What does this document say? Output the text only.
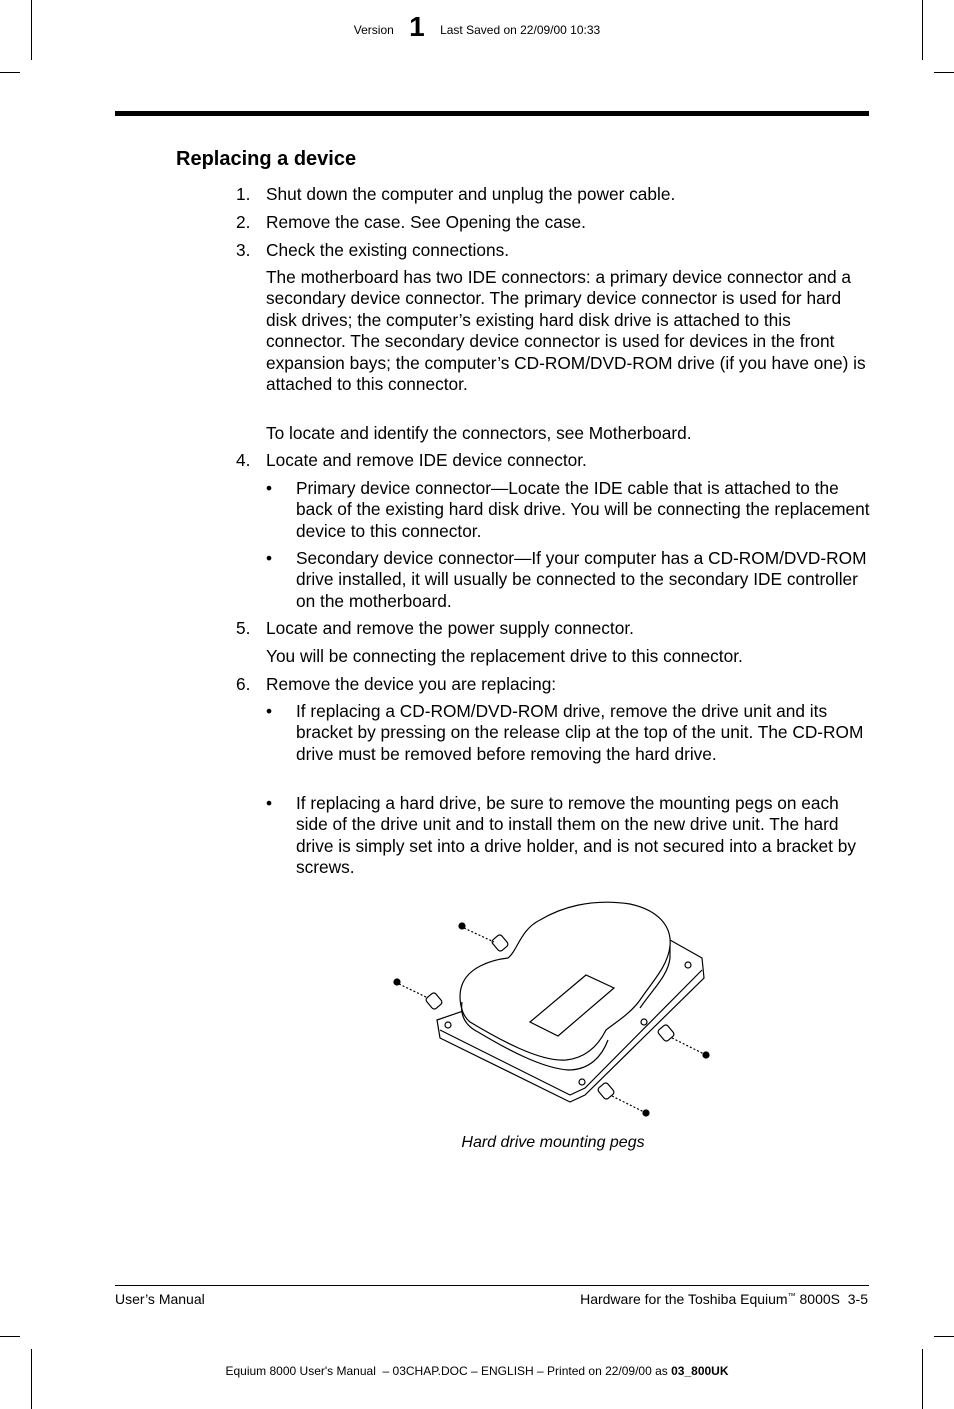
Version 1 Last Saved on 22/09/00 10:33
Replacing a device
1. Shut down the computer and unplug the power cable.
2. Remove the case. See Opening the case.
3. Check the existing connections.
The motherboard has two IDE connectors: a primary device connector and a secondary device connector. The primary device connector is used for hard disk drives; the computer’s existing hard disk drive is attached to this connector. The secondary device connector is used for devices in the front expansion bays; the computer’s CD-ROM/DVD-ROM drive (if you have one) is attached to this connector.
To locate and identify the connectors, see Motherboard.
4. Locate and remove IDE device connector.
• Primary device connector—Locate the IDE cable that is attached to the back of the existing hard disk drive. You will be connecting the replacement device to this connector.
• Secondary device connector—If your computer has a CD-ROM/DVD-ROM drive installed, it will usually be connected to the secondary IDE controller on the motherboard.
5. Locate and remove the power supply connector.
You will be connecting the replacement drive to this connector.
6. Remove the device you are replacing:
• If replacing a CD-ROM/DVD-ROM drive, remove the drive unit and its bracket by pressing on the release clip at the top of the unit. The CD-ROM drive must be removed before removing the hard drive.
• If replacing a hard drive, be sure to remove the mounting pegs on each side of the drive unit and to install them on the new drive unit. The hard drive is simply set into a drive holder, and is not secured into a bracket by screws.
Hard drive mounting pegs
User’s Manual	Hardware for the Toshiba Equium™ 8000S  3-5
Equium 8000 User's Manual  – 03CHAP.DOC – ENGLISH – Printed on 22/09/00 as 03_800UK
